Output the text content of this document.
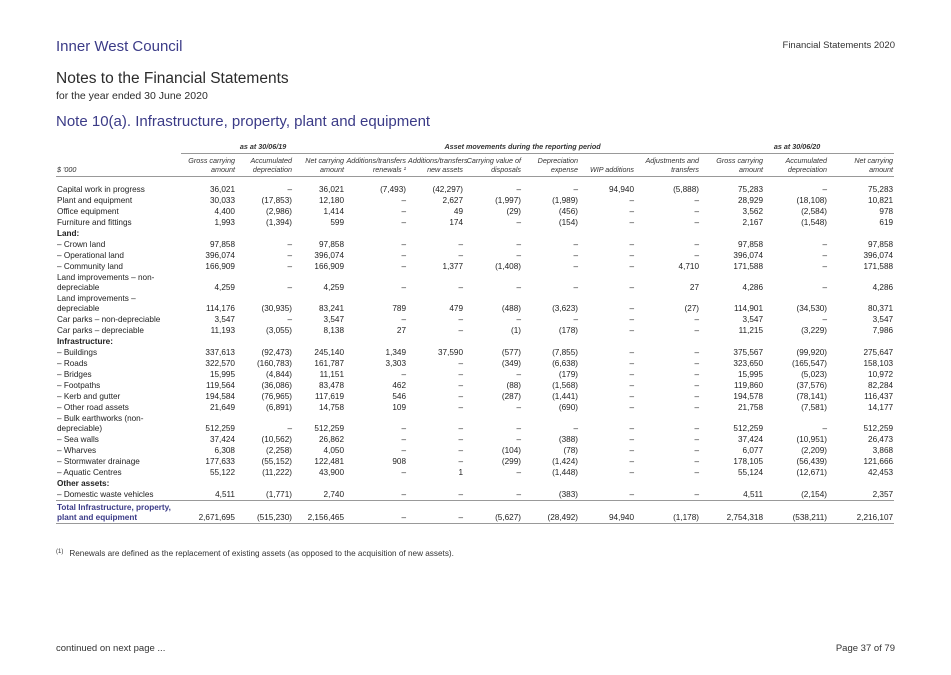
Inner West Council	Financial Statements 2020
Notes to the Financial Statements
for the year ended 30 June 2020
Note 10(a). Infrastructure, property, plant and equipment
	as at 30/06/19			Asset movements during the reporting period						as at 30/06/20		
$ '000	Gross carrying amount	Accumulated depreciation	Net carrying amount	Additions/transfers renewals ¹	Additions/transfers new assets	Carrying value of disposals	Depreciation expense	WIP additions	Adjustments and transfers	Gross carrying amount	Accumulated depreciation	Net carrying amount

Capital work in progress	36,021	–	36,021	(7,493)	(42,297)	–	–	94,940	(5,888)	75,283	–	75,283
Plant and equipment	30,033	(17,853)	12,180	–	2,627	(1,997)	(1,989)	–	–	28,929	(18,108)	10,821
Office equipment	4,400	(2,986)	1,414	–	49	(29)	(456)	–	–	3,562	(2,584)	978
Furniture and fittings	1,993	(1,394)	599	–	174	–	(154)	–	–	2,167	(1,548)	619
Land:												
– Crown land	97,858	–	97,858	–	–	–	–	–	–	97,858	–	97,858
– Operational land	396,074	–	396,074	–	–	–	–	–	–	396,074	–	396,074
– Community land	166,909	–	166,909	–	1,377	(1,408)	–	–	4,710	171,588	–	171,588
Land improvements – non-depreciable	4,259	–	4,259	–	–	–	–	–	27	4,286	–	4,286
Land improvements – depreciable	114,176	(30,935)	83,241	789	479	(488)	(3,623)	–	(27)	114,901	(34,530)	80,371
Car parks – non-depreciable	3,547	–	3,547	–	–	–	–	–	–	3,547	–	3,547
Car parks – depreciable	11,193	(3,055)	8,138	27	–	(1)	(178)	–	–	11,215	(3,229)	7,986
Infrastructure:												
– Buildings	337,613	(92,473)	245,140	1,349	37,590	(577)	(7,855)	–	–	375,567	(99,920)	275,647
– Roads	322,570	(160,783)	161,787	3,303	–	(349)	(6,638)	–	–	323,650	(165,547)	158,103
– Bridges	15,995	(4,844)	11,151	–	–	–	(179)	–	–	15,995	(5,023)	10,972
– Footpaths	119,564	(36,086)	83,478	462	–	(88)	(1,568)	–	–	119,860	(37,576)	82,284
– Kerb and gutter	194,584	(76,965)	117,619	546	–	(287)	(1,441)	–	–	194,578	(78,141)	116,437
– Other road assets	21,649	(6,891)	14,758	109	–	–	(690)	–	–	21,758	(7,581)	14,177
– Bulk earthworks (non-depreciable)	512,259	–	512,259	–	–	–	–	–	–	512,259	–	512,259
– Sea walls	37,424	(10,562)	26,862	–	–	–	(388)	–	–	37,424	(10,951)	26,473
– Wharves	6,308	(2,258)	4,050	–	–	(104)	(78)	–	–	6,077	(2,209)	3,868
– Stormwater drainage	177,633	(55,152)	122,481	908	–	(299)	(1,424)	–	–	178,105	(56,439)	121,666
– Aquatic Centres	55,122	(11,222)	43,900	–	1	–	(1,448)	–	–	55,124	(12,671)	42,453
Other assets:												
– Domestic waste vehicles	4,511	(1,771)	2,740	–	–	–	(383)	–	–	4,511	(2,154)	2,357
Total Infrastructure, property, plant and equipment	2,671,695	(515,230)	2,156,465	–	–	(5,627)	(28,492)	94,940	(1,178)	2,754,318	(538,211)	2,216,107
$^{(1)}$ Renewals are defined as the replacement of existing assets (as opposed to the acquisition of new assets).
continued on next page ...	Page 37 of 79
